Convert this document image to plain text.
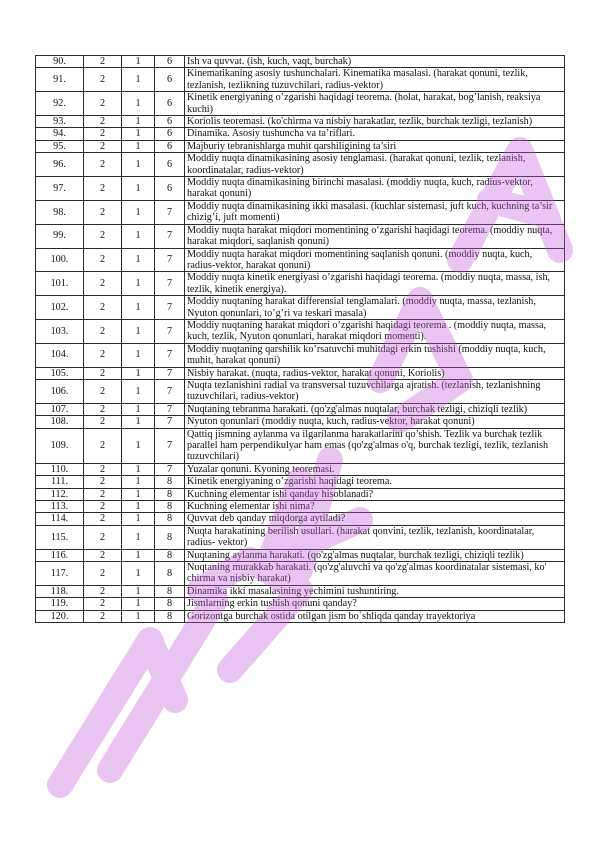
90.	2	1	6	Ish va quvvat. (ish, kuch, vaqt, burchak)
91.	2	1	6	Kinematikaning asosiy tushunchalari. Kinematika masalasi. (harakat qonuni, tezlik, tezlanish, tezlikning tuzuvchilari, radius-vektor)
92.	2	1	6	Kinetik energiyaning o’zgarishi haqidagi teorema. (holat, harakat, bog’lanish, reaksiya kuchi)
93.	2	1	6	Koriolis teoremasi. (ko'chirma va nisbiy harakatlar, tezlik, burchak tezligi, tezlanish)
94.	2	1	6	Dinamika. Asosiy tushuncha va ta’riflari.
95.	2	1	6	Majburiy tebranishlarga muhit qarshiligining ta’siri
96.	2	1	6	Moddiy nuqta dinamikasining asosiy tenglamasi. (harakat qonuni, tezlik, tezlanish, koordinatalar, radius-vektor)
97.	2	1	6	Moddiy nuqta dinamikasining birinchi masalasi. (moddiy nuqta, kuch, radius-vektor, harakat qonuni)
98.	2	1	7	Moddiy nuqta dinamikasining ikki masalasi. (kuchlar sistemasi, juft kuch, kuchning ta’sir chizig’i, juft momenti)
99.	2	1	7	Moddiy nuqta harakat miqdori momentining o‘zgarishi haqidagi teorema. (moddiy nuqta, harakat miqdori, saqlanish qonuni)
100.	2	1	7	Moddiy nuqta harakat miqdori momentining saqlanish qonuni. (moddiy nuqta, kuch, radius-vektor, harakat qonuni)
101.	2	1	7	Moddiy nuqta kinetik energiyasi o’zgarishi haqidagi teorema. (moddiy nuqta, massa, ish, tezlik, kinetik energiya).
102.	2	1	7	Moddiy nuqtaning harakat differensial tenglamalari. (moddiy nuqta, massa, tezlanish, Nyuton qonunlari, to’g’ri va teskari masala)
103.	2	1	7	Moddiy nuqtaning harakat miqdori o’zgarishi haqidagi teorema . (moddiy nuqta, massa, kuch, tezlik, Nyuton qonunlari, harakat miqdori momenti).
104.	2	1	7	Moddiy nuqtaning qarshilik ko’rsatuvchi muhitdagi erkin tushishi (moddiy nuqta, kuch, muhit, harakat qonuni)
105.	2	1	7	Nisbiy harakat. (nuqta, radius-vektor, harakat qonuni, Koriolis)
106.	2	1	7	Nuqta tezlanishini radial va transversal tuzuvchilarga ajratish. (tezlanish, tezlanishning tuzuvchilari, radius-vektor)
107.	2	1	7	Nuqtaning tebranma harakati. (qo'zg'almas nuqtalar, burchak tezligi, chiziqli tezlik)
108.	2	1	7	Nyuton qonunlari (moddiy nuqta, kuch, radius-vektor, harakat qonuni)
109.	2	1	7	Qattiq jismning aylanma va ilgarilanma harakatlarini qo’shish. Tezlik va burchak tezlik parallel ham perpendikulyar ham emas (qo'zg'almas o'q, burchak tezligi, tezlik, tezlanish tuzuvchilari)
110.	2	1	7	Yuzalar qonuni. Kyoning teoremasi.
111.	2	1	8	Kinetik energiyaning o’zgarishi haqidagi teorema.
112.	2	1	8	Kuchning elementar ishi qanday hisoblanadi?
113.	2	1	8	Kuchning elementar ishi nima?
114.	2	1	8	Quvvat deb qanday miqdorga aytiladi?
115.	2	1	8	Nuqta harakatining berilish usullari. (harakat qonvini, tezlik, tezlanish, koordinatalar, radius- vektor)
116.	2	1	8	Nuqtaning aylanma harakati. (qo'zg'almas nuqtalar, burchak tezligi, chiziqli tezlik)
117.	2	1	8	Nuqtaning murakkab harakati. (qo'zg'aluvchi va qo'zg'almas koordinatalar sistemasi, ko' chirma va nisbiy harakat)
118.	2	1	8	Dinamika ikki masalasining yechimini tushuntiring.
119.	2	1	8	Jismlarning erkin tushish qonuni qanday?
120.	2	1	8	Gorizontga burchak ostida otilgan jism bo`shliqda qanday trayektoriya
